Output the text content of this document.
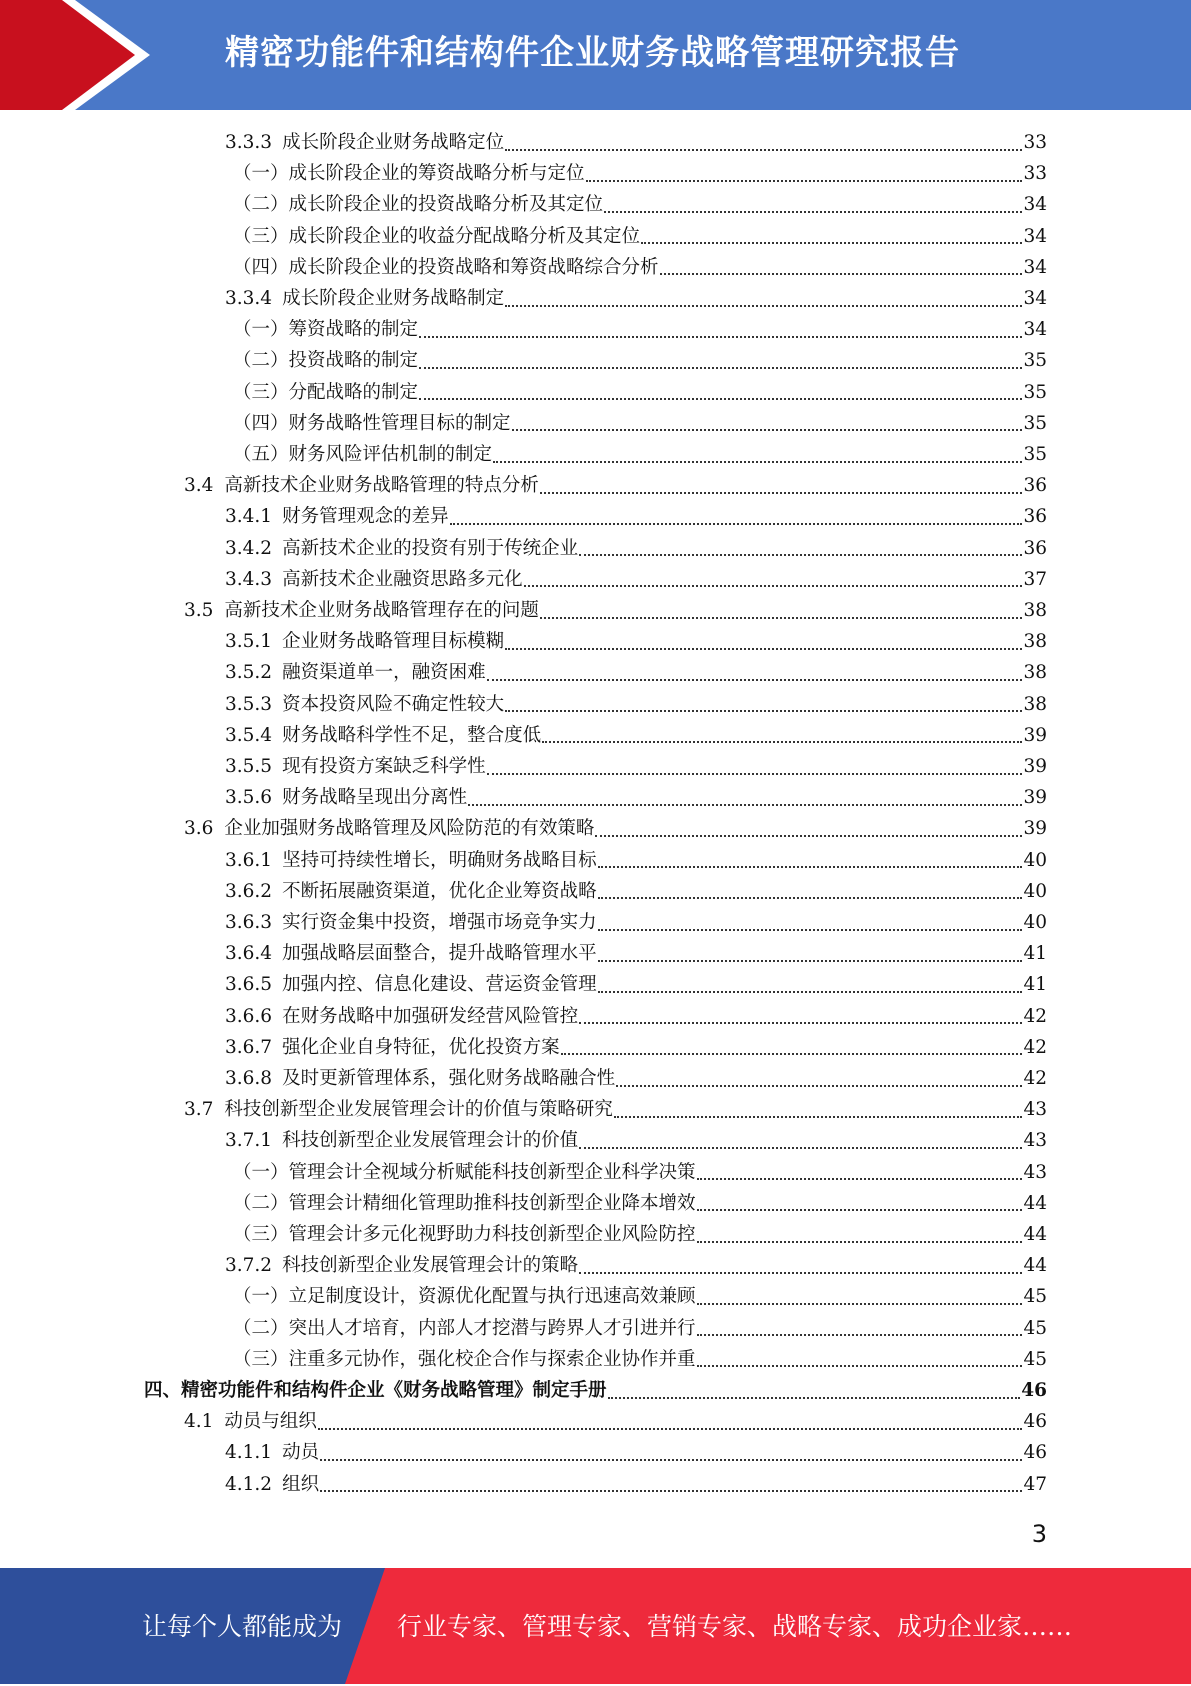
精密功能件和结构件企业财务战略管理研究报告
3.3.3 成长阶段企业财务战略定位	33
（一）成长阶段企业的筹资战略分析与定位	33
（二）成长阶段企业的投资战略分析及其定位	34
（三）成长阶段企业的收益分配战略分析及其定位	34
（四）成长阶段企业的投资战略和筹资战略综合分析	34
3.3.4 成长阶段企业财务战略制定	34
（一）筹资战略的制定	34
（二）投资战略的制定	35
（三）分配战略的制定	35
（四）财务战略性管理目标的制定	35
（五）财务风险评估机制的制定	35
3.4 高新技术企业财务战略管理的特点分析	36
3.4.1 财务管理观念的差异	36
3.4.2 高新技术企业的投资有别于传统企业	36
3.4.3 高新技术企业融资思路多元化	37
3.5 高新技术企业财务战略管理存在的问题	38
3.5.1 企业财务战略管理目标模糊	38
3.5.2 融资渠道单一，融资困难	38
3.5.3 资本投资风险不确定性较大	38
3.5.4 财务战略科学性不足，整合度低	39
3.5.5 现有投资方案缺乏科学性	39
3.5.6 财务战略呈现出分离性	39
3.6 企业加强财务战略管理及风险防范的有效策略	39
3.6.1 坚持可持续性增长，明确财务战略目标	40
3.6.2 不断拓展融资渠道，优化企业筹资战略	40
3.6.3 实行资金集中投资，增强市场竞争实力	40
3.6.4 加强战略层面整合，提升战略管理水平	41
3.6.5 加强内控、信息化建设、营运资金管理	41
3.6.6 在财务战略中加强研发经营风险管控	42
3.6.7 强化企业自身特征，优化投资方案	42
3.6.8 及时更新管理体系，强化财务战略融合性	42
3.7 科技创新型企业发展管理会计的价值与策略研究	43
3.7.1 科技创新型企业发展管理会计的价值	43
（一）管理会计全视域分析赋能科技创新型企业科学决策	43
（二）管理会计精细化管理助推科技创新型企业降本增效	44
（三）管理会计多元化视野助力科技创新型企业风险防控	44
3.7.2 科技创新型企业发展管理会计的策略	44
（一）立足制度设计，资源优化配置与执行迅速高效兼顾	45
（二）突出人才培育，内部人才挖潜与跨界人才引进并行	45
（三）注重多元协作，强化校企合作与探索企业协作并重	45
四、精密功能件和结构件企业《财务战略管理》制定手册	46
4.1 动员与组织	46
4.1.1 动员	46
4.1.2 组织	47
3
让每个人都能成为 行业专家、管理专家、营销专家、战略专家、成功企业家……
